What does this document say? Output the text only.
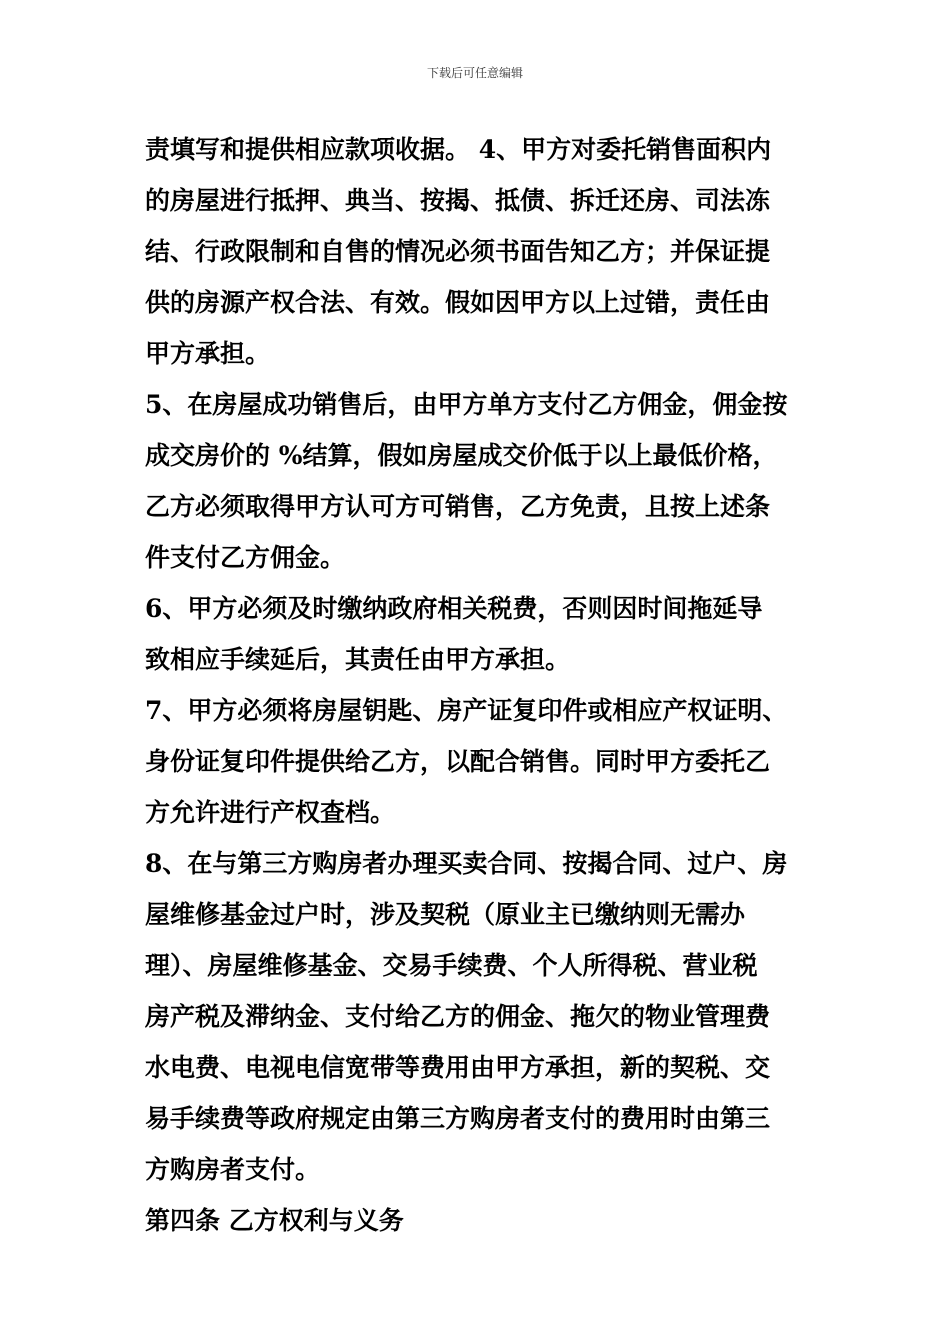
下载后可任意编辑
责填写和提供相应款项收据。 4、甲方对委托销售面积内
的房屋进行抵押、典当、按揭、抵债、拆迁还房、司法冻
结、行政限制和自售的情况必须书面告知乙方；并保证提
供的房源产权合法、有效。假如因甲方以上过错，责任由
甲方承担。
5、在房屋成功销售后，由甲方单方支付乙方佣金，佣金按
成交房价的 %结算，假如房屋成交价低于以上最低价格，
乙方必须取得甲方认可方可销售，乙方免责，且按上述条
件支付乙方佣金。
6、甲方必须及时缴纳政府相关税费，否则因时间拖延导
致相应手续延后，其责任由甲方承担。
7、甲方必须将房屋钥匙、房产证复印件或相应产权证明、
身份证复印件提供给乙方，以配合销售。同时甲方委托乙
方允许进行产权查档。
8、在与第三方购房者办理买卖合同、按揭合同、过户、房
屋维修基金过户时，涉及契税（原业主已缴纳则无需办
理）、房屋维修基金、交易手续费、个人所得税、营业税
房产税及滞纳金、支付给乙方的佣金、拖欠的物业管理费
水电费、电视电信宽带等费用由甲方承担，新的契税、交
易手续费等政府规定由第三方购房者支付的费用时由第三
方购房者支付。
第四条 乙方权利与义务
